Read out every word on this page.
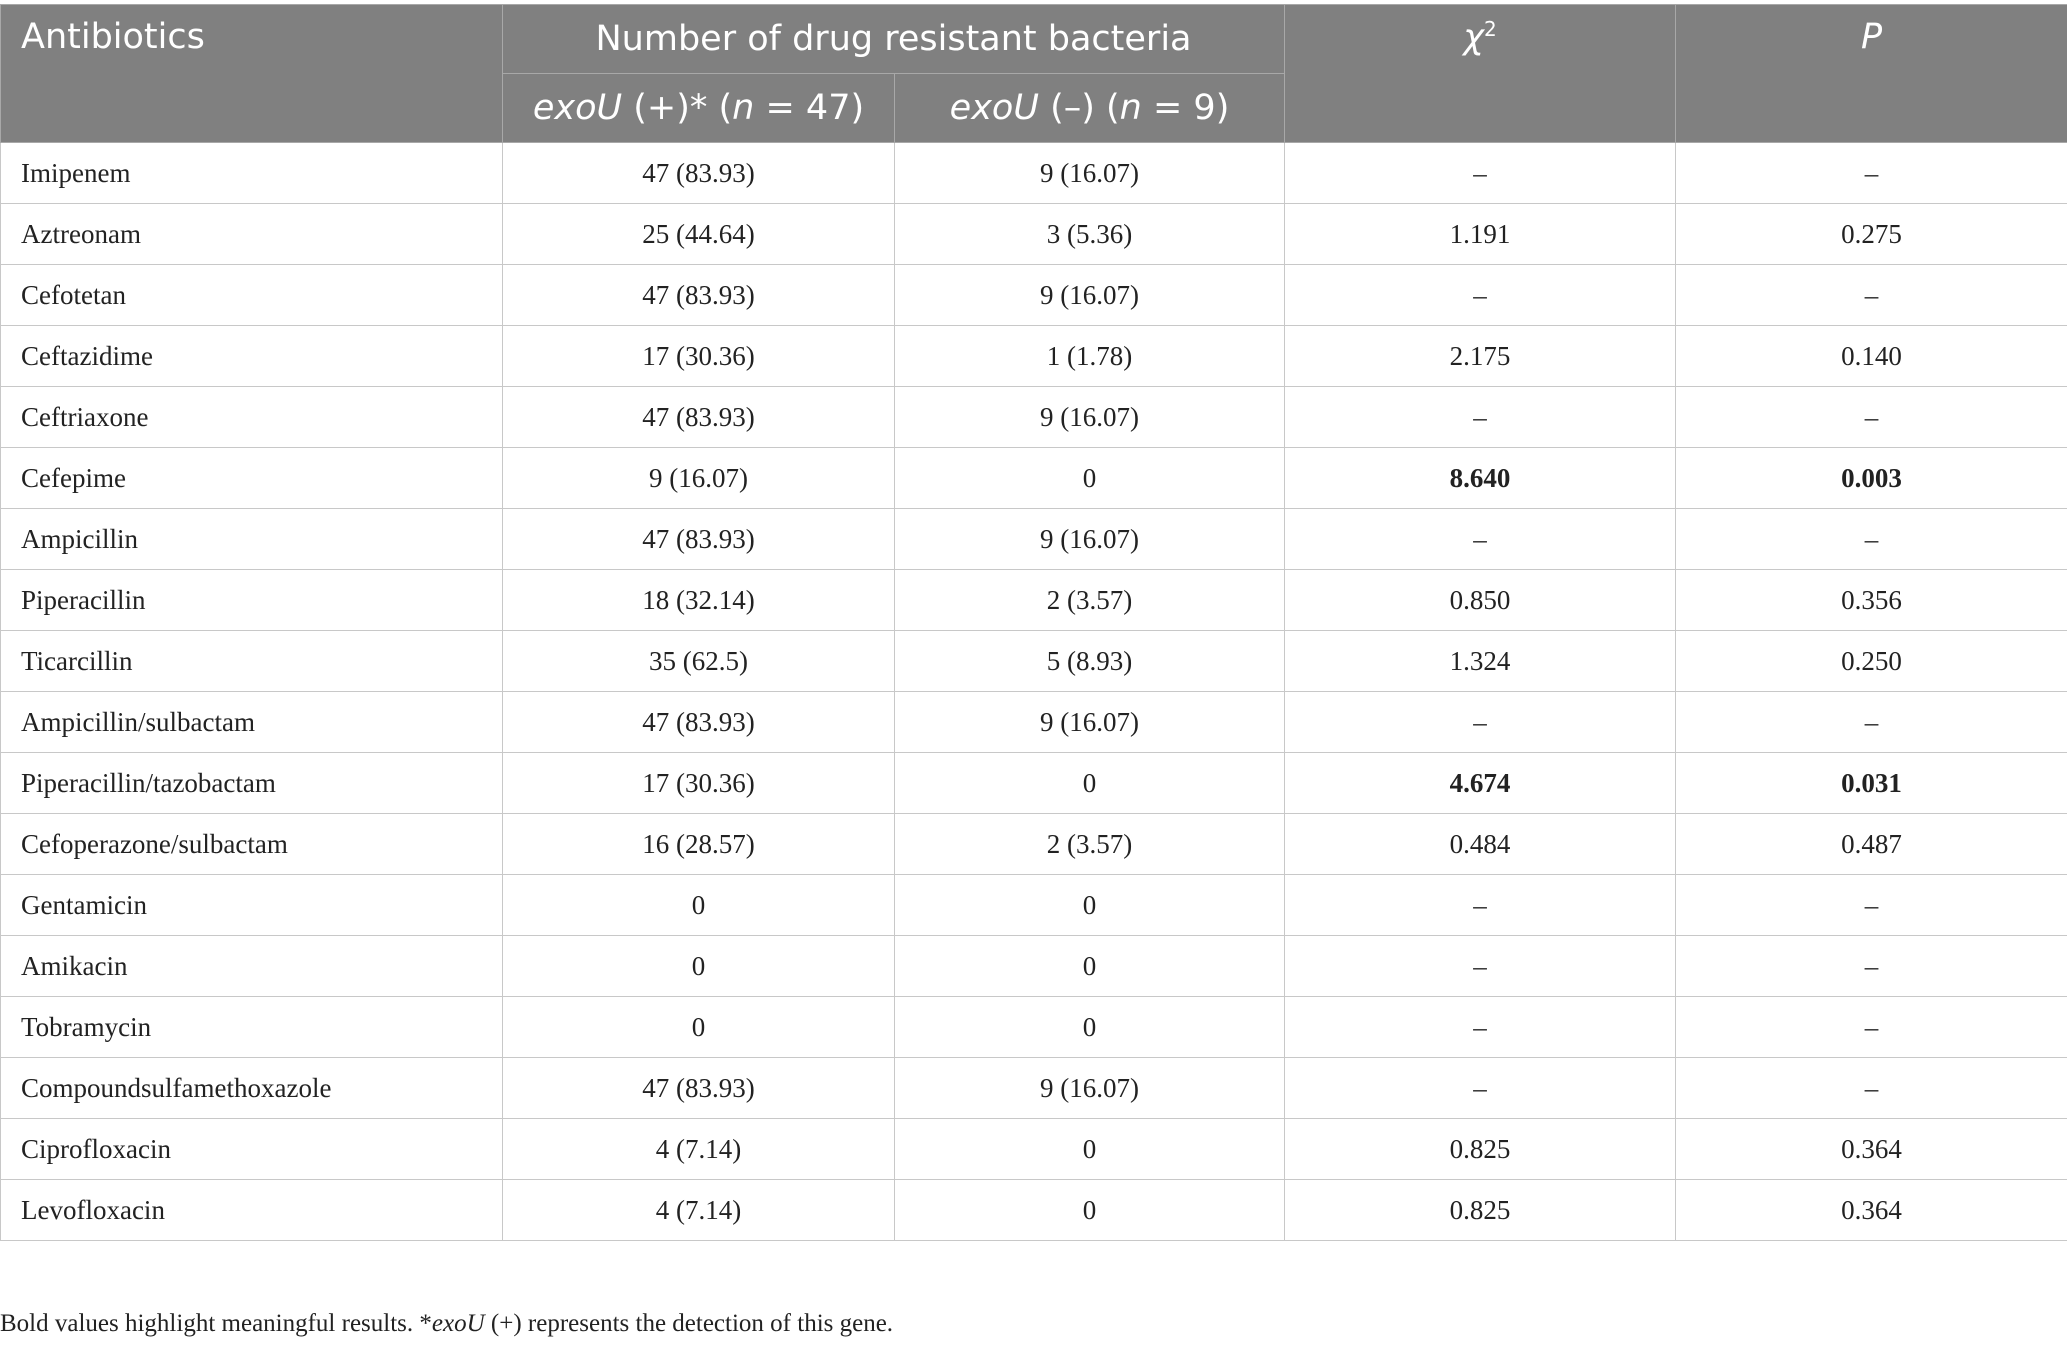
Antibiotics	Number of drug resistant bacteria		$\chi^2$	P
	exoU (+)* (n = 47)	exoU (–) (n = 9)		
Imipenem	47 (83.93)	9 (16.07)	–	–
Aztreonam	25 (44.64)	3 (5.36)	1.191	0.275
Cefotetan	47 (83.93)	9 (16.07)	–	–
Ceftazidime	17 (30.36)	1 (1.78)	2.175	0.140
Ceftriaxone	47 (83.93)	9 (16.07)	–	–
Cefepime	9 (16.07)	0	8.640	0.003
Ampicillin	47 (83.93)	9 (16.07)	–	–
Piperacillin	18 (32.14)	2 (3.57)	0.850	0.356
Ticarcillin	35 (62.5)	5 (8.93)	1.324	0.250
Ampicillin/sulbactam	47 (83.93)	9 (16.07)	–	–
Piperacillin/tazobactam	17 (30.36)	0	4.674	0.031
Cefoperazone/sulbactam	16 (28.57)	2 (3.57)	0.484	0.487
Gentamicin	0	0	–	–
Amikacin	0	0	–	–
Tobramycin	0	0	–	–
Compoundsulfamethoxazole	47 (83.93)	9 (16.07)	–	–
Ciprofloxacin	4 (7.14)	0	0.825	0.364
Levofloxacin	4 (7.14)	0	0.825	0.364
Bold values highlight meaningful results. *exoU (+) represents the detection of this gene.
